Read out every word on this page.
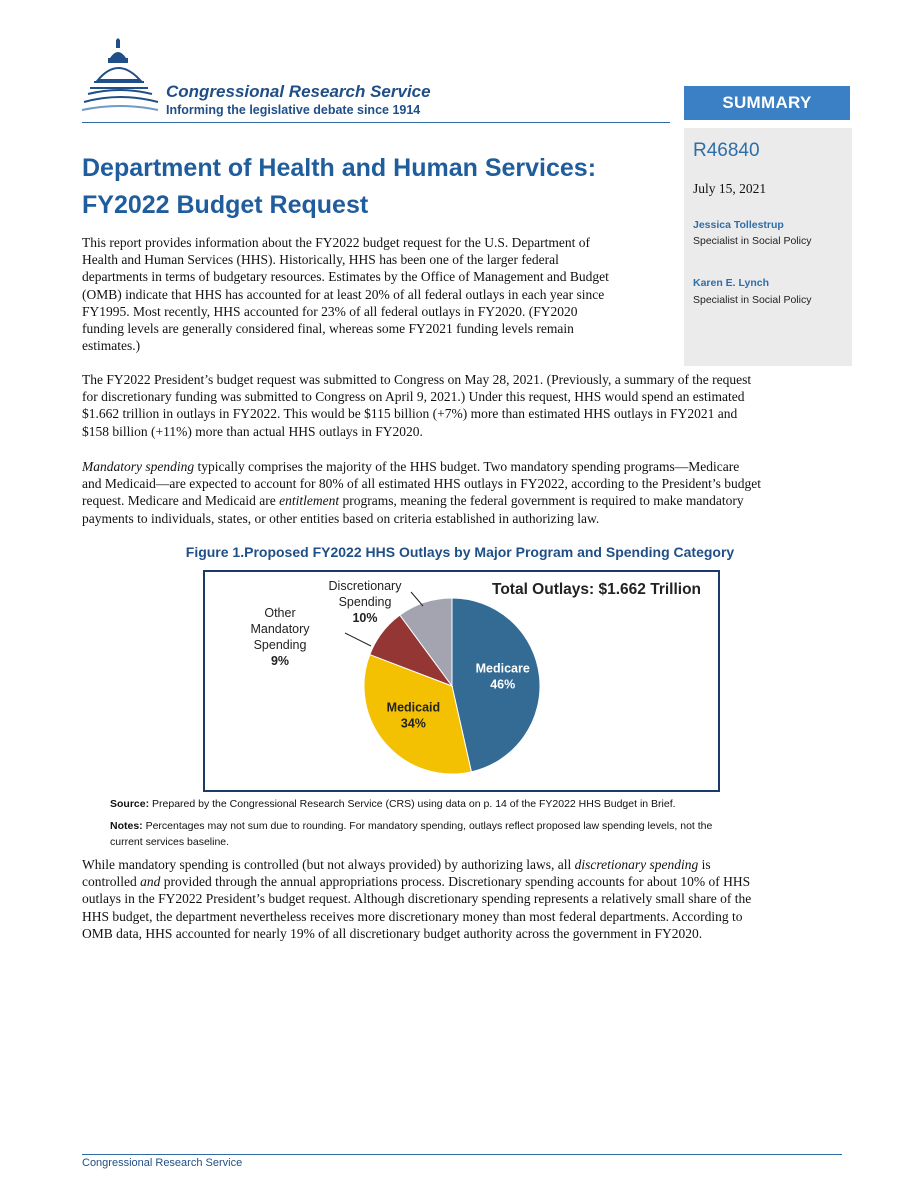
Congressional Research Service
Informing the legislative debate since 1914	SUMMARY
R46840
July 15, 2021
Jessica Tollestrup
Specialist in Social Policy
Karen E. Lynch
Specialist in Social Policy
Department of Health and Human Services:
FY2022 Budget Request
This report provides information about the FY2022 budget request for the U.S. Department of
Health and Human Services (HHS). Historically, HHS has been one of the larger federal
departments in terms of budgetary resources. Estimates by the Office of Management and Budget
(OMB) indicate that HHS has accounted for at least 20% of all federal outlays in each year since
FY1995. Most recently, HHS accounted for 23% of all federal outlays in FY2020. (FY2020
funding levels are generally considered final, whereas some FY2021 funding levels remain
estimates.)
The FY2022 President’s budget request was submitted to Congress on May 28, 2021. (Previously, a summary of the request
for discretionary funding was submitted to Congress on April 9, 2021.) Under this request, HHS would spend an estimated
$1.662 trillion in outlays in FY2022. This would be $115 billion (+7%) more than estimated HHS outlays in FY2021 and
$158 billion (+11%) more than actual HHS outlays in FY2020.
Mandatory spending typically comprises the majority of the HHS budget. Two mandatory spending programs—Medicare
and Medicaid—are expected to account for 80% of all estimated HHS outlays in FY2022, according to the President’s budget
request. Medicare and Medicaid are entitlement programs, meaning the federal government is required to make mandatory
payments to individuals, states, or other entities based on criteria established in authorizing law.
Figure 1.Proposed FY2022 HHS Outlays by Major Program and Spending Category
Total Outlays: $1.662 Trillion
Medicare 46%
Medicaid 34%
Other Mandatory Spending 9%
Discretionary Spending 10%
Source: Prepared by the Congressional Research Service (CRS) using data on p. 14 of the FY2022 HHS Budget in Brief.
Notes: Percentages may not sum due to rounding. For mandatory spending, outlays reflect proposed law spending levels, not the
current services baseline.
While mandatory spending is controlled (but not always provided) by authorizing laws, all discretionary spending is
controlled and provided through the annual appropriations process. Discretionary spending accounts for about 10% of HHS
outlays in the FY2022 President’s budget request. Although discretionary spending represents a relatively small share of the
HHS budget, the department nevertheless receives more discretionary money than most federal departments. According to
OMB data, HHS accounted for nearly 19% of all discretionary budget authority across the government in FY2020.
Congressional Research Service
